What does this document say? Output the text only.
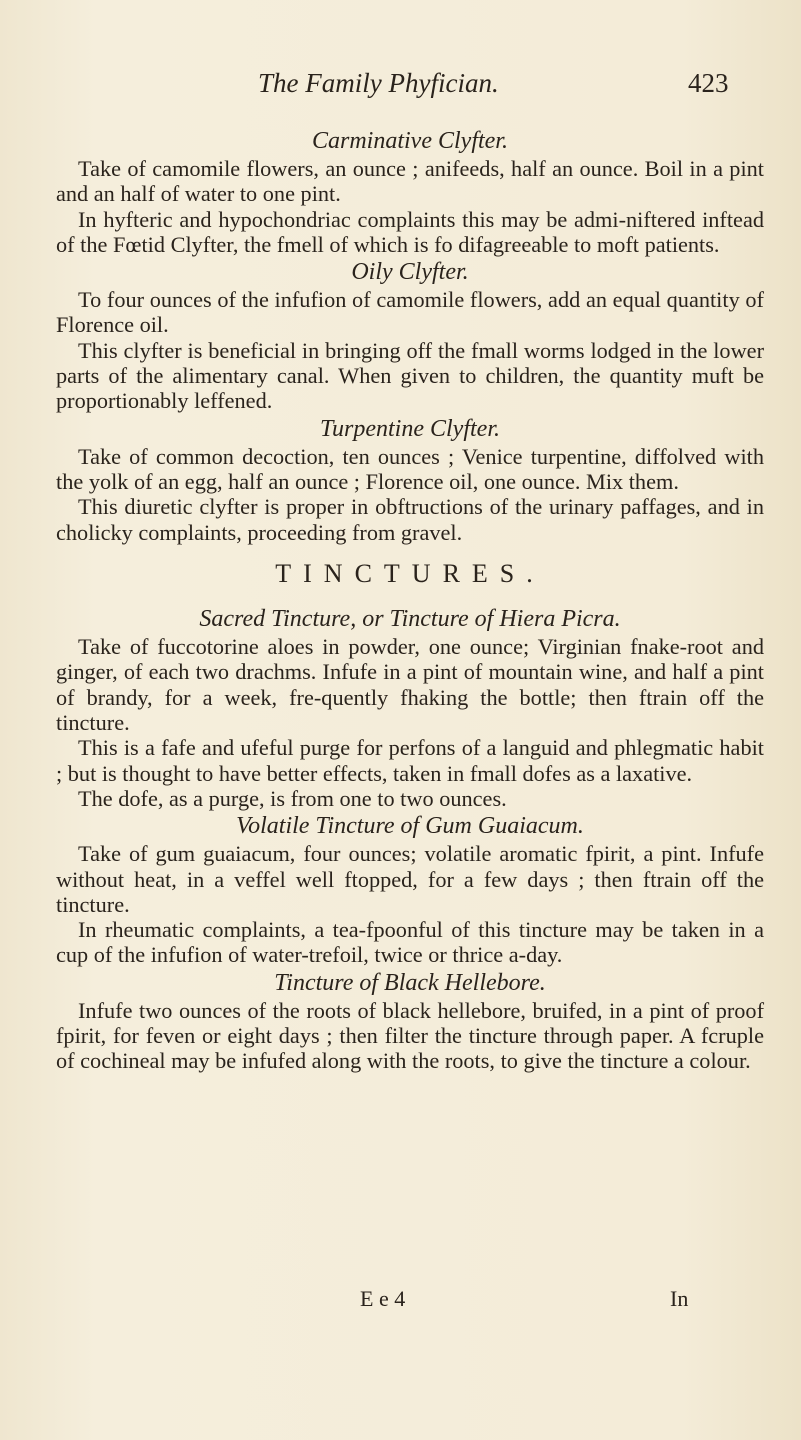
The Family Phyfician.	423
Carminative Clyfter.

Take of camomile flowers, an ounce ; anifeeds, half an ounce. Boil in a pint and an half of water to one pint.

In hyfteric and hypochondriac complaints this may be admi-niftered inftead of the Fœtid Clyfter, the fmell of which is fo difagreeable to moft patients.

Oily Clyfter.

To four ounces of the infufion of camomile flowers, add an equal quantity of Florence oil.

This clyfter is beneficial in bringing off the fmall worms lodged in the lower parts of the alimentary canal. When given to children, the quantity muft be proportionably leffened.

Turpentine Clyfter.

Take of common decoction, ten ounces ; Venice turpentine, diffolved with the yolk of an egg, half an ounce ; Florence oil, one ounce. Mix them.

This diuretic clyfter is proper in obftructions of the urinary paffages, and in cholicky complaints, proceeding from gravel.

TINCTURES.
Sacred Tincture, or Tincture of Hiera Picra.

Take of fuccotorine aloes in powder, one ounce; Virginian fnake-root and ginger, of each two drachms. Infufe in a pint of mountain wine, and half a pint of brandy, for a week, fre-quently fhaking the bottle; then ftrain off the tincture.

This is a fafe and ufeful purge for perfons of a languid and phlegmatic habit ; but is thought to have better effects, taken in fmall dofes as a laxative.

The dofe, as a purge, is from one to two ounces.

Volatile Tincture of Gum Guaiacum.

Take of gum guaiacum, four ounces; volatile aromatic fpirit, a pint. Infufe without heat, in a veffel well ftopped, for a few days ; then ftrain off the tincture.

In rheumatic complaints, a tea-fpoonful of this tincture may be taken in a cup of the infufion of water-trefoil, twice or thrice a-day.

Tincture of Black Hellebore.

Infufe two ounces of the roots of black hellebore, bruifed, in a pint of proof fpirit, for feven or eight days ; then filter the tincture through paper. A fcruple of cochineal may be infufed along with the roots, to give the tincture a colour.

E e 4	In
